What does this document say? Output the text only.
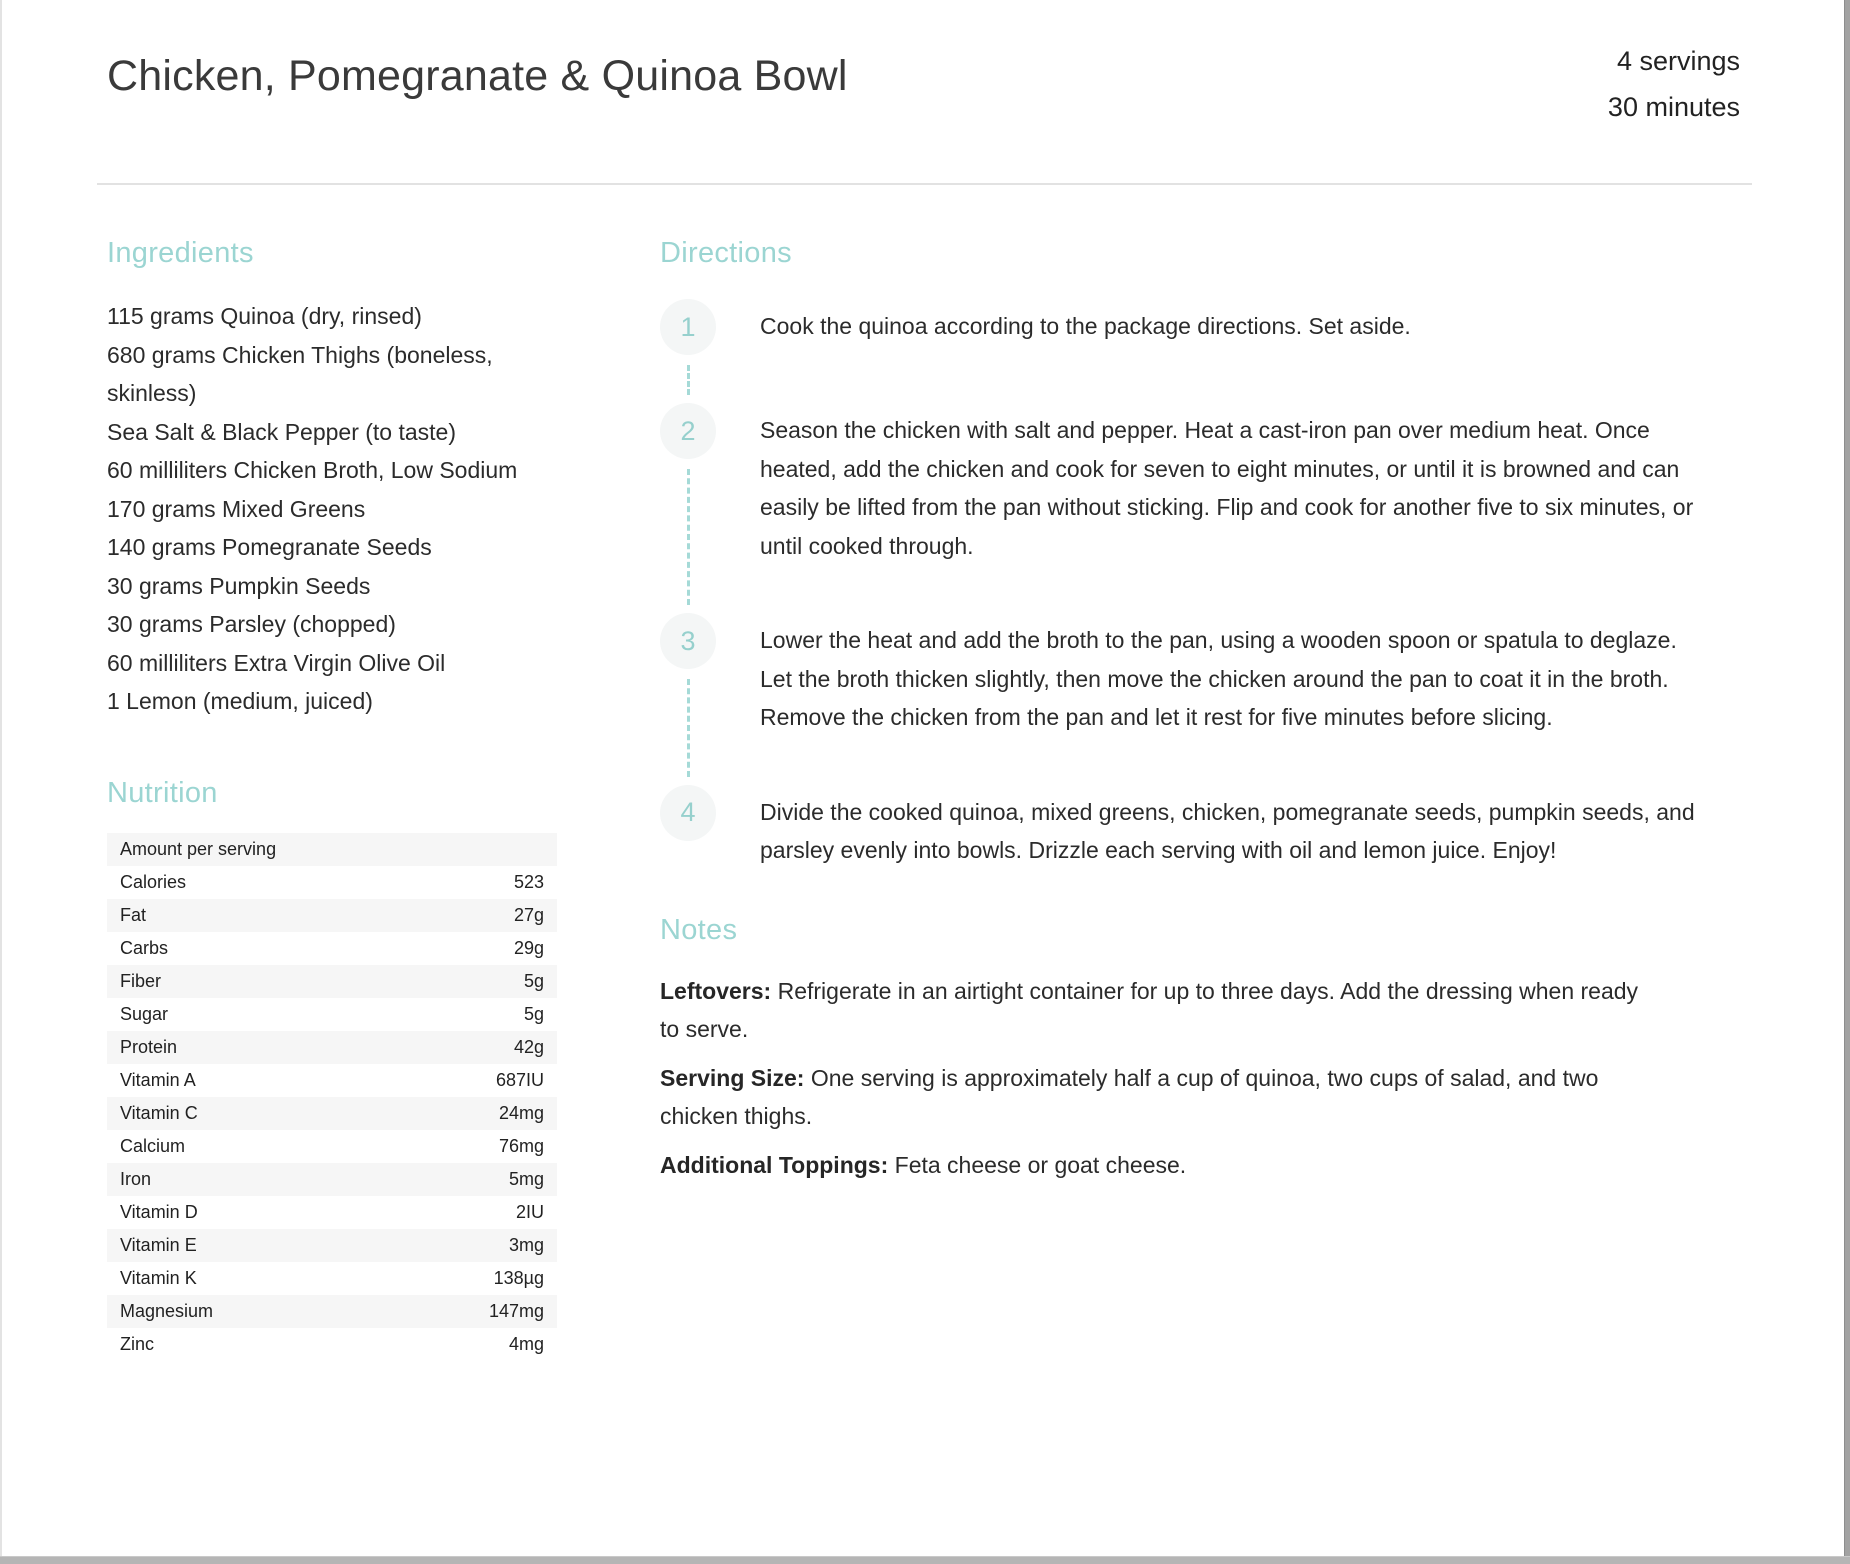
Chicken, Pomegranate & Quinoa Bowl	4 servings
30 minutes
Ingredients
115 grams Quinoa (dry, rinsed)
680 grams Chicken Thighs (boneless, skinless)
Sea Salt & Black Pepper (to taste)
60 milliliters Chicken Broth, Low Sodium
170 grams Mixed Greens
140 grams Pomegranate Seeds
30 grams Pumpkin Seeds
30 grams Parsley (chopped)
60 milliliters Extra Virgin Olive Oil
1 Lemon (medium, juiced)
Nutrition
Amount per serving	
Calories	523
Fat	27g
Carbs	29g
Fiber	5g
Sugar	5g
Protein	42g
Vitamin A	687IU
Vitamin C	24mg
Calcium	76mg
Iron	5mg
Vitamin D	2IU
Vitamin E	3mg
Vitamin K	138µg
Magnesium	147mg
Zinc	4mg
Directions
1	Cook the quinoa according to the package directions. Set aside.

2	Season the chicken with salt and pepper. Heat a cast-iron pan over medium heat. Once heated, add the chicken and cook for seven to eight minutes, or until it is browned and can easily be lifted from the pan without sticking. Flip and cook for another five to six minutes, or until cooked through.

3	Lower the heat and add the broth to the pan, using a wooden spoon or spatula to deglaze. Let the broth thicken slightly, then move the chicken around the pan to coat it in the broth. Remove the chicken from the pan and let it rest for five minutes before slicing.

4	Divide the cooked quinoa, mixed greens, chicken, pomegranate seeds, pumpkin seeds, and parsley evenly into bowls. Drizzle each serving with oil and lemon juice. Enjoy!

Notes

Leftovers: Refrigerate in an airtight container for up to three days. Add the dressing when ready to serve.

Serving Size: One serving is approximately half a cup of quinoa, two cups of salad, and two chicken thighs.

Additional Toppings: Feta cheese or goat cheese.
